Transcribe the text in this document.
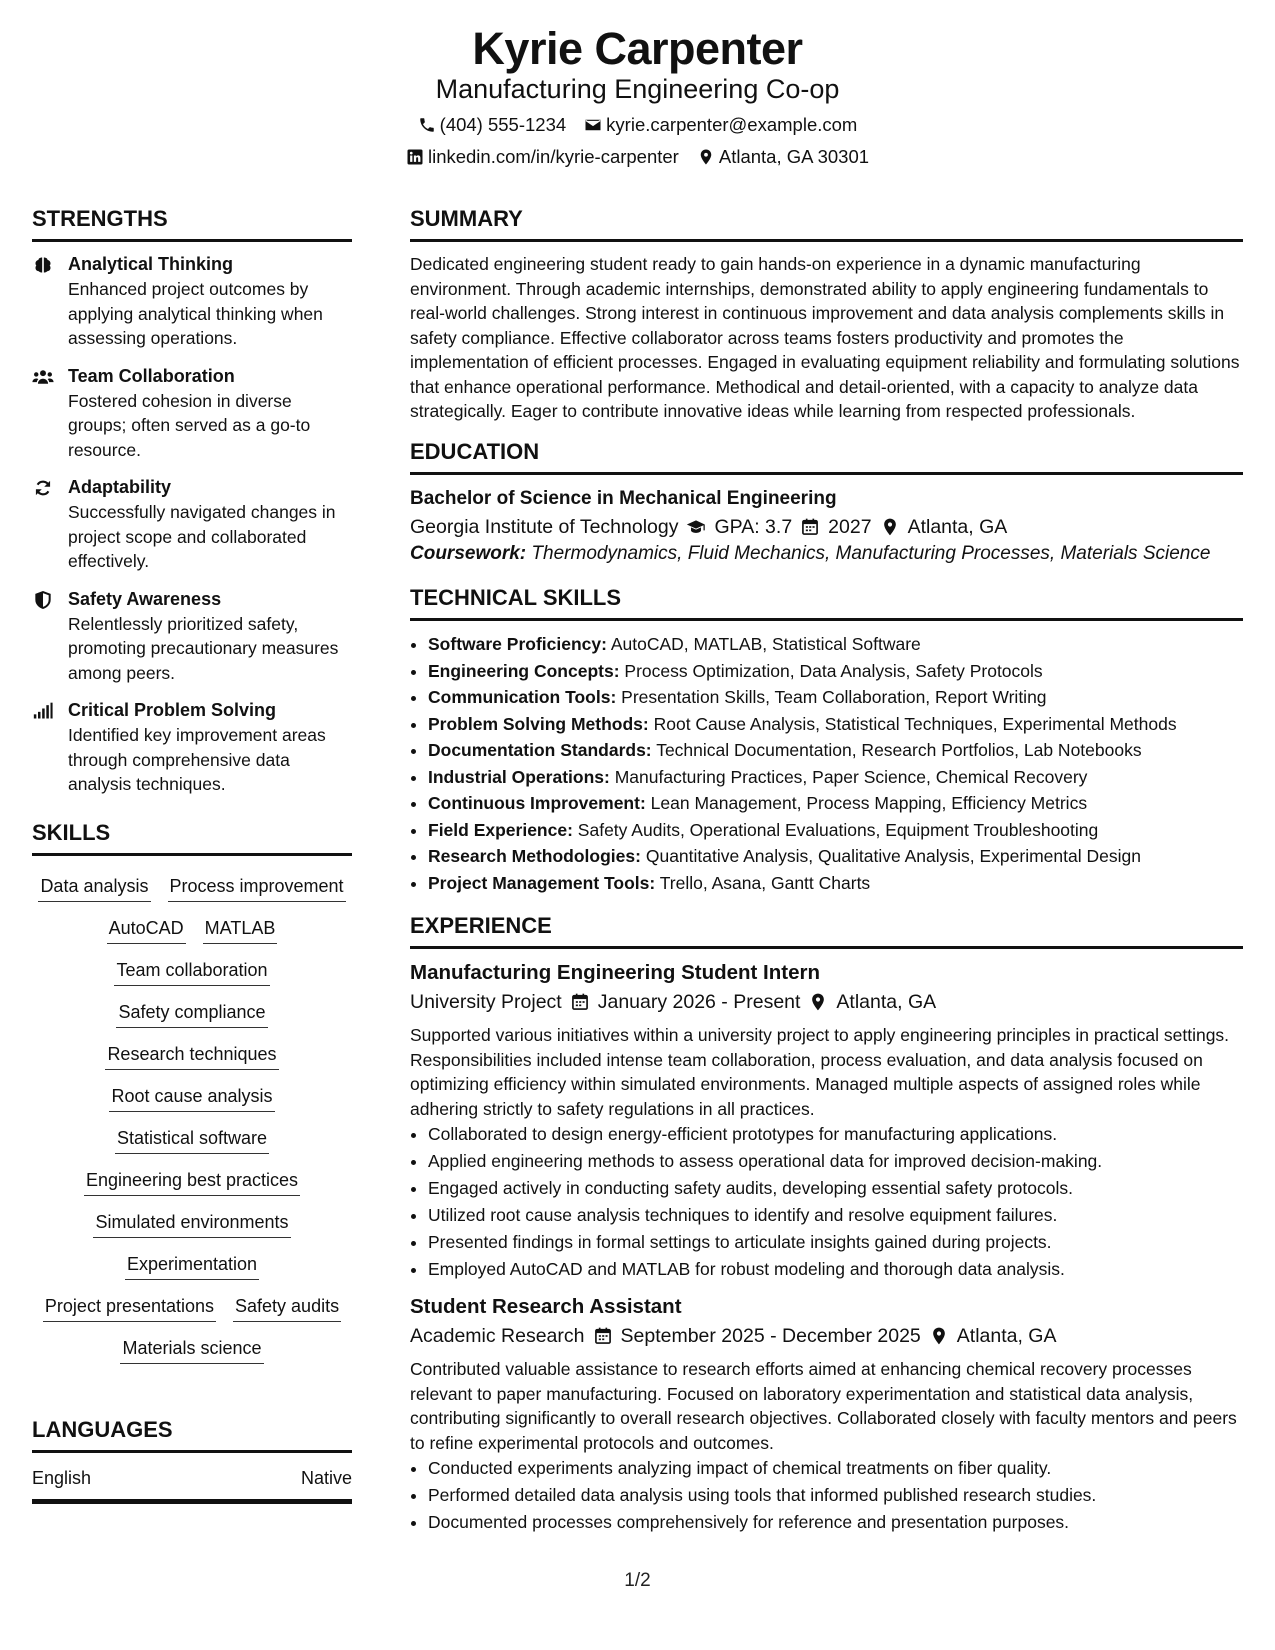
Kyrie Carpenter
Manufacturing Engineering Co-op
(404) 555-1234 kyrie.carpenter@example.com
linkedin.com/in/kyrie-carpenter Atlanta, GA 30301
STRENGTHS
Analytical Thinking
Enhanced project outcomes by applying analytical thinking when assessing operations.
Team Collaboration
Fostered cohesion in diverse groups; often served as a go-to resource.
Adaptability
Successfully navigated changes in project scope and collaborated effectively.
Safety Awareness
Relentlessly prioritized safety, promoting precautionary measures among peers.
Critical Problem Solving
Identified key improvement areas through comprehensive data analysis techniques.
SKILLS
Data analysis Process improvement
AutoCAD MATLAB
Team collaboration
Safety compliance
Research techniques
Root cause analysis
Statistical software
Engineering best practices
Simulated environments
Experimentation
Project presentations Safety audits
Materials science
LANGUAGES
English	Native
SUMMARY
Dedicated engineering student ready to gain hands-on experience in a dynamic manufacturing environment. Through academic internships, demonstrated ability to apply engineering fundamentals to real-world challenges. Strong interest in continuous improvement and data analysis complements skills in safety compliance. Effective collaborator across teams fosters productivity and promotes the implementation of efficient processes. Engaged in evaluating equipment reliability and formulating solutions that enhance operational performance. Methodical and detail-oriented, with a capacity to analyze data strategically. Eager to contribute innovative ideas while learning from respected professionals.
EDUCATION
Bachelor of Science in Mechanical Engineering
Georgia Institute of Technology GPA: 3.7 2027 Atlanta, GA
Coursework: Thermodynamics, Fluid Mechanics, Manufacturing Processes, Materials Science
TECHNICAL SKILLS
• Software Proficiency: AutoCAD, MATLAB, Statistical Software
• Engineering Concepts: Process Optimization, Data Analysis, Safety Protocols
• Communication Tools: Presentation Skills, Team Collaboration, Report Writing
• Problem Solving Methods: Root Cause Analysis, Statistical Techniques, Experimental Methods
• Documentation Standards: Technical Documentation, Research Portfolios, Lab Notebooks
• Industrial Operations: Manufacturing Practices, Paper Science, Chemical Recovery
• Continuous Improvement: Lean Management, Process Mapping, Efficiency Metrics
• Field Experience: Safety Audits, Operational Evaluations, Equipment Troubleshooting
• Research Methodologies: Quantitative Analysis, Qualitative Analysis, Experimental Design
• Project Management Tools: Trello, Asana, Gantt Charts
EXPERIENCE
Manufacturing Engineering Student Intern
University Project January 2026 - Present Atlanta, GA
Supported various initiatives within a university project to apply engineering principles in practical settings. Responsibilities included intense team collaboration, process evaluation, and data analysis focused on optimizing efficiency within simulated environments. Managed multiple aspects of assigned roles while adhering strictly to safety regulations in all practices.
• Collaborated to design energy-efficient prototypes for manufacturing applications.
• Applied engineering methods to assess operational data for improved decision-making.
• Engaged actively in conducting safety audits, developing essential safety protocols.
• Utilized root cause analysis techniques to identify and resolve equipment failures.
• Presented findings in formal settings to articulate insights gained during projects.
• Employed AutoCAD and MATLAB for robust modeling and thorough data analysis.
Student Research Assistant
Academic Research September 2025 - December 2025 Atlanta, GA
Contributed valuable assistance to research efforts aimed at enhancing chemical recovery processes relevant to paper manufacturing. Focused on laboratory experimentation and statistical data analysis, contributing significantly to overall research objectives. Collaborated closely with faculty mentors and peers to refine experimental protocols and outcomes.
• Conducted experiments analyzing impact of chemical treatments on fiber quality.
• Performed detailed data analysis using tools that informed published research studies.
• Documented processes comprehensively for reference and presentation purposes.
1/2
